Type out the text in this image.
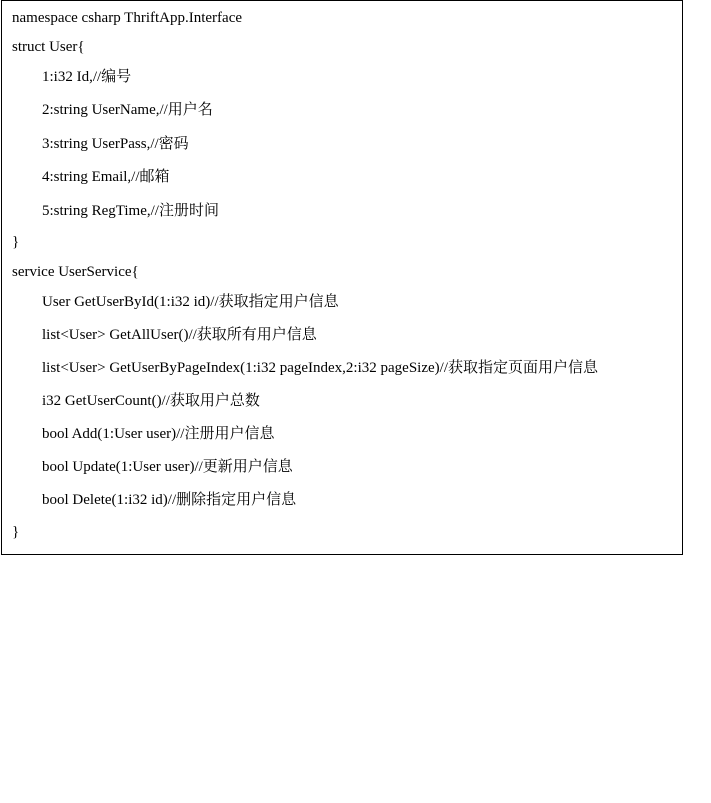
namespace csharp ThriftApp.Interface
struct User{
1:i32 Id,//编号
2:string UserName,//用户名
3:string UserPass,//密码
4:string Email,//邮箱
5:string RegTime,//注册时间
}
service UserService{
User GetUserById(1:i32 id)//获取指定用户信息
list<User> GetAllUser()//获取所有用户信息
list<User> GetUserByPageIndex(1:i32 pageIndex,2:i32 pageSize)//获取指定页面用户信息
i32 GetUserCount()//获取用户总数
bool Add(1:User user)//注册用户信息
bool Update(1:User user)//更新用户信息
bool Delete(1:i32 id)//删除指定用户信息
}
